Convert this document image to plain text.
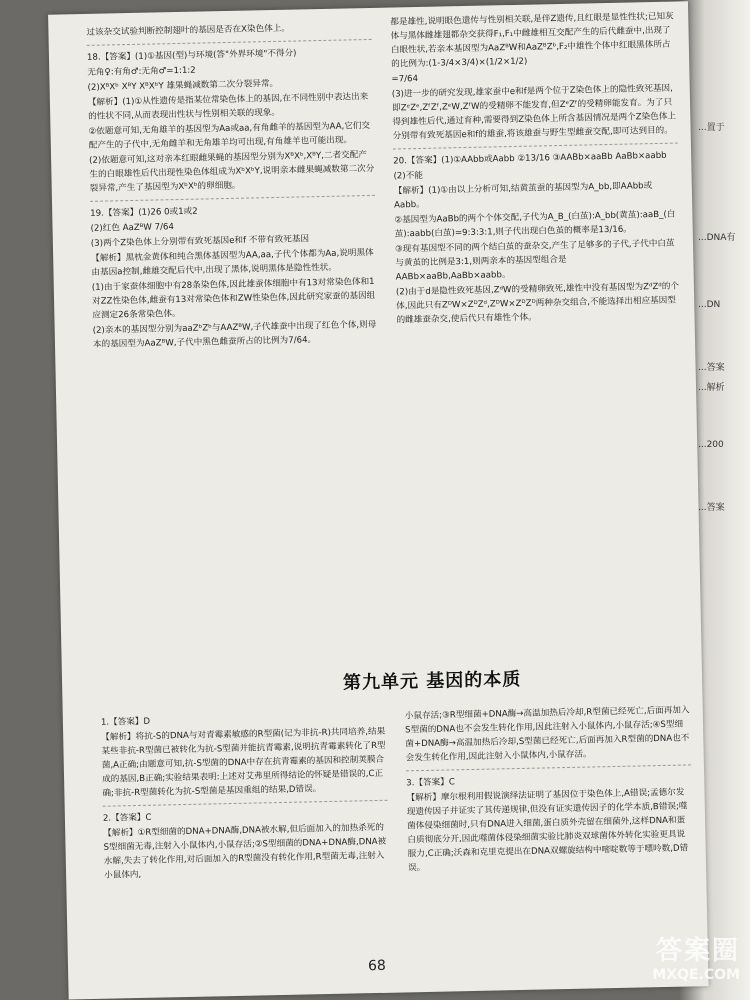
...置于
...DNA有
...DN
...答案
...解析
...200
...答案

过该杂交试验判断控制翅叶的基因是否在X染色体上。

18.【答案】(1)①基因(型)与环境(答"外界环境"不得分)

无角♀:有角♂:无角♂=1:1:2

(2)XᴮXᵇ XᴮY XᴮXᵇY 雄果蝇减数第二次分裂异常。

【解析】(1)①从性遗传是指某位常染色体上的基因,在不同性别中表达出来的性状不同,从而表现出性状与性别相关联的现象。

②依题意可知,无角雄羊的基因型为Aa或aa,有角雌羊的基因型为AA,它们交配产生的子代中,无角雌羊和无角雄羊均可出现,有角雄羊也可能出现。

(2)依题意可知,这对亲本红眼雌果蝇的基因型分别为XᴮXᵇ,XᴮY,二者交配产生的白眼雄性后代出现性染色体组成为XᵇXᵇY,说明亲本雌果蝇减数第二次分裂异常,产生了基因型为XᵇXᵇ的卵细胞。

19.【答案】(1)26 0或1或2

(2)红色 AaZᴮW 7/64

(3)两个Z染色体上分别带有致死基因e和f 不带有致死基因

【解析】黑枕金黄体和纯合黑体基因型为AA,aa,子代个体都为Aa,说明黑体由基因a控制,雌雄交配后代中,出现了黑体,说明黑体是隐性性状。

(1)由于家蚕体细胞中有28条染色体,因此雄蚕体细胞中有13对常染色体和1对ZZ性染色体,雌蚕有13对常染色体和ZW性染色体,因此研究家蚕的基因组应测定26条常染色体。

(2)亲本的基因型分别为aaZᵇZᵇ与AAZᴮW,子代雄蚕中出现了红色个体,则母本的基因型为AaZᴮW,子代中黑色雌蚕所占的比例为7/64。

都是雄性,说明眼色遗传与性别相关联,是伴Z遗传,且红眼是显性性状;已知灰体与黑体雌雄翅都杂交获得F₁,F₁中雌雄相互交配产生的后代雌蚕中,出现了白眼性状,若亲本基因型为AaZᴮW和AaZᴮZᵇ,F₂中雄性个体中红眼黑体所占的比例为:(1-3/4×3/4)×(1/2×1/2)

=7/64

(3)进一步的研究发现,雄家蚕中e和f是两个位于Z染色体上的隐性致死基因,即ZᵉZᵉ,ZᶠZᶠ,ZᵉW,ZᶠW的受精卵不能发育,但ZᵉZᶠ的受精卵能发育。为了只得到雄性后代,通过育种,需要得到Z染色体上所含基因情况是两个Z染色体上分别带有致死基因e和f的雄蚕,将该雄蚕与野生型雌蚕交配,即可达到目的。

20.【答案】(1)①AAbb或Aabb ②13/16 ③AABb×aaBb AaBb×aabb

(2)不能

【解析】(1)①由以上分析可知,结黄茧蚕的基因型为A_bb,即AAbb或Aabb。

②基因型为AaBb的两个个体交配,子代为A_B_(白茧):A_bb(黄茧):aaB_(白茧):aabb(白茧)=9:3:3:1,则子代出现白色茧的概率是13/16。

③现有基因型不同的两个结白茧的蚕杂交,产生了足够多的子代,子代中白茧与黄茧的比例是3:1,则两亲本的基因型组合是AABb×aaBb,AaBb×aabb。

(2)由于d是隐性致死基因,ZᵈW的受精卵致死,雄性中没有基因型为ZᵈZᵈ的个体,因此只有ZᴰW×ZᴰZᵈ,ZᴰW×ZᴰZᴰ两种杂交组合,不能选择出相应基因型的雌雄蚕杂交,使后代只有雄性个体。

第九单元 基因的本质

1.【答案】D

【解析】将抗-S的DNA与对青霉素敏感的R型菌(记为非抗-R)共同培养,结果某些非抗-R型菌已被转化为抗-S型菌并能抗青霉素,说明抗青霉素转化了R型菌,A正确;由题意可知,抗-S型菌的DNA中存在抗青霉素的基因和控制荚膜合成的基因,B正确;实验结果表明:上述对艾弗里所得结论的怀疑是错误的,C正确;非抗-R型菌转化为抗-S型菌是基因重组的结果,D错误。

2.【答案】C

【解析】①R型细菌的DNA+DNA酶,DNA被水解,但后面加入的加热杀死的S型细菌无毒,注射入小鼠体内,小鼠存活;②S型细菌的DNA+DNA酶,DNA被水解,失去了转化作用,对后面加入的R型菌没有转化作用,R型菌无毒,注射入小鼠体内,

小鼠存活;③R型细菌+DNA酶→高温加热后冷却,R型菌已经死亡,后面再加入S型菌的DNA也不会发生转化作用,因此注射入小鼠体内,小鼠存活;④S型细菌+DNA酶→高温加热后冷却,S型菌已经死亡,后面再加入R型菌的DNA也不会发生转化作用,因此注射入小鼠体内,小鼠存活。

3.【答案】C

【解析】摩尔根利用假说演绎法证明了基因位于染色体上,A错误;孟德尔发现遗传因子并证实了其传递规律,但没有证实遗传因子的化学本质,B错误;噬菌体侵染细菌时,只有DNA进入细菌,蛋白质外壳留在细菌外,这样DNA和蛋白质彻底分开,因此噬菌体侵染细菌实验比肺炎双球菌体外转化实验更具说服力,C正确;沃森和克里克提出在DNA双螺旋结构中嘧啶数等于嘌呤数,D错误。

68
答案圈
MXQE.COM
